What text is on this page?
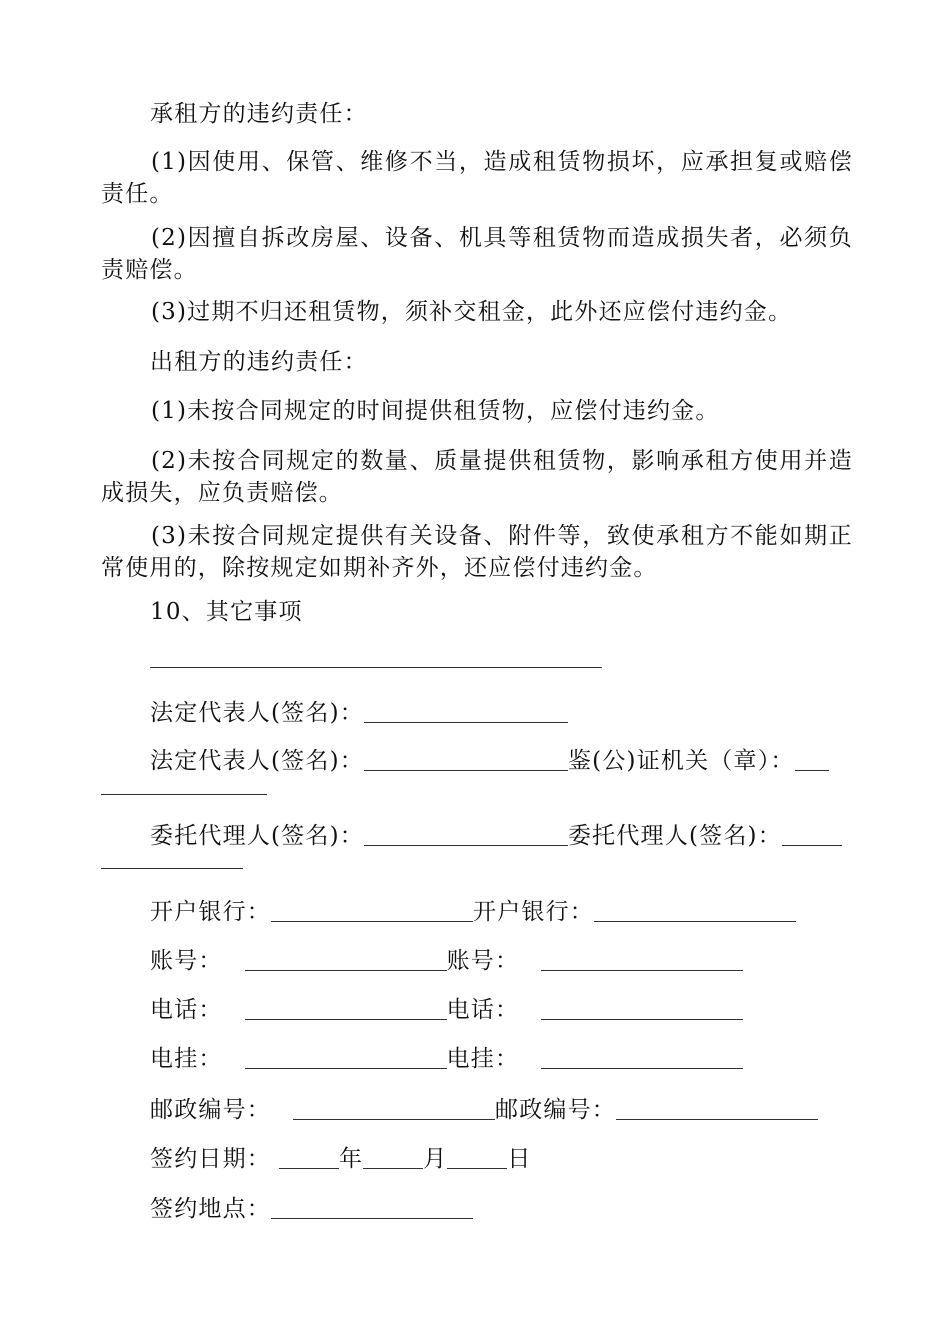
承租方的违约责任：
(1)因使用、保管、维修不当，造成租赁物损坏，应承担复或赔偿责任。
(2)因擅自拆改房屋、设备、机具等租赁物而造成损失者，必须负责赔偿。
(3)过期不归还租赁物，须补交租金，此外还应偿付违约金。
出租方的违约责任：
(1)未按合同规定的时间提供租赁物，应偿付违约金。
(2)未按合同规定的数量、质量提供租赁物，影响承租方使用并造成损失，应负责赔偿。
(3)未按合同规定提供有关设备、附件等，致使承租方不能如期正常使用的，除按规定如期补齐外，还应偿付违约金。
10、其它事项
法定代表人(签名)：
法定代表人(签名)：	鉴(公)证机关（章）：
委托代理人(签名)：	委托代理人(签名)：
开户银行：	开户银行：
账号：	账号：
电话：	电话：
电挂：	电挂：
邮政编号：	邮政编号：
签约日期：	年	月	日
签约地点：
